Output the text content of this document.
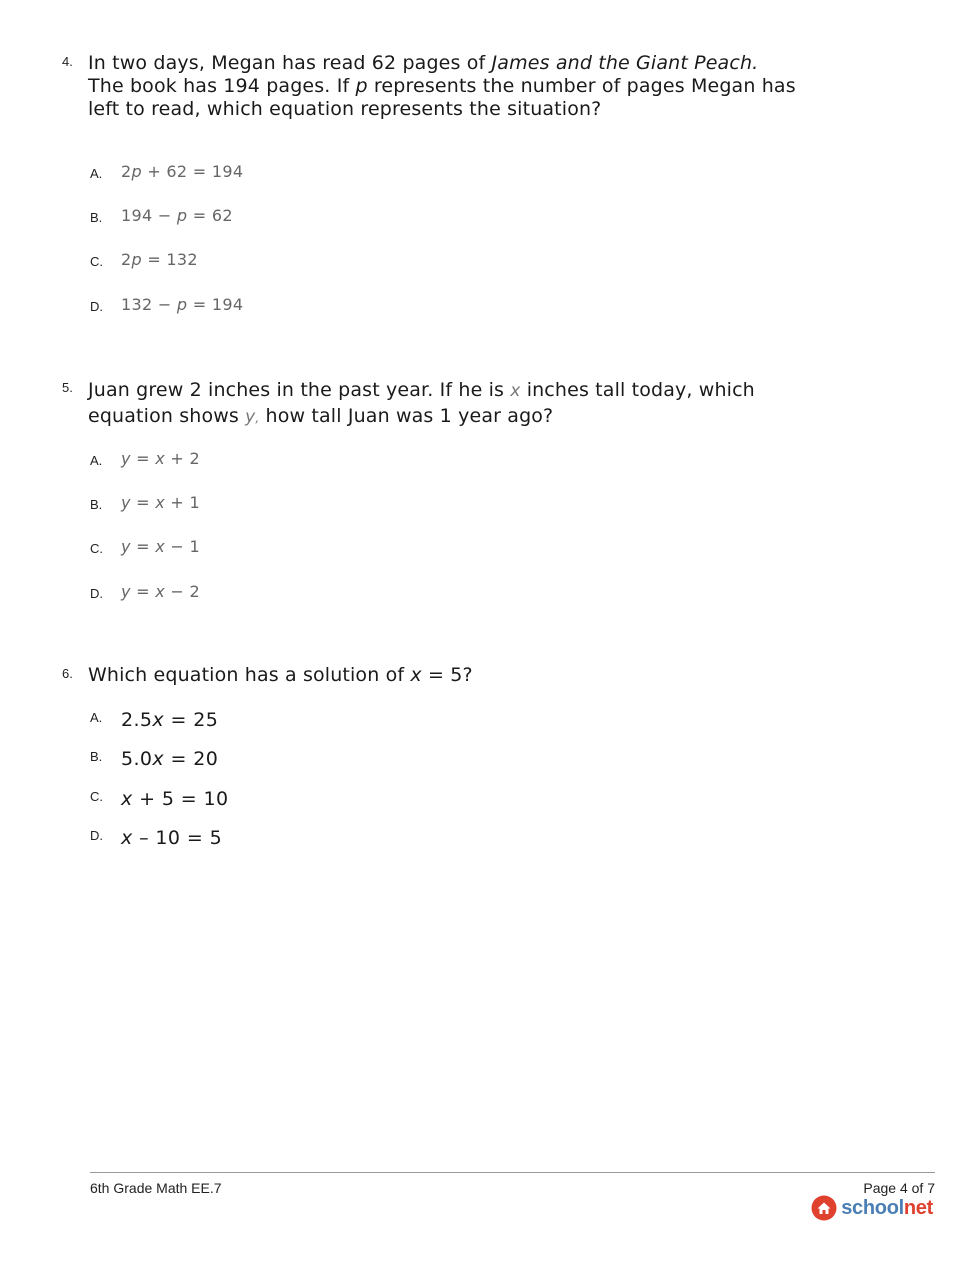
4. In two days, Megan has read 62 pages of James and the Giant Peach.
The book has 194 pages. If p represents the number of pages Megan has
left to read, which equation represents the situation?
A. 2p + 62 = 194
B. 194 − p = 62
C. 2p = 132
D. 132 − p = 194
5. Juan grew 2 inches in the past year. If he is x inches tall today, which
equation shows y, how tall Juan was 1 year ago?
A. y = x + 2
B. y = x + 1
C. y = x − 1
D. y = x − 2
6. Which equation has a solution of x = 5?
A. 2.5x = 25
B. 5.0x = 20
C. x + 5 = 10
D. x – 10 = 5
6th Grade Math EE.7	Page 4 of 7
schoolnet
